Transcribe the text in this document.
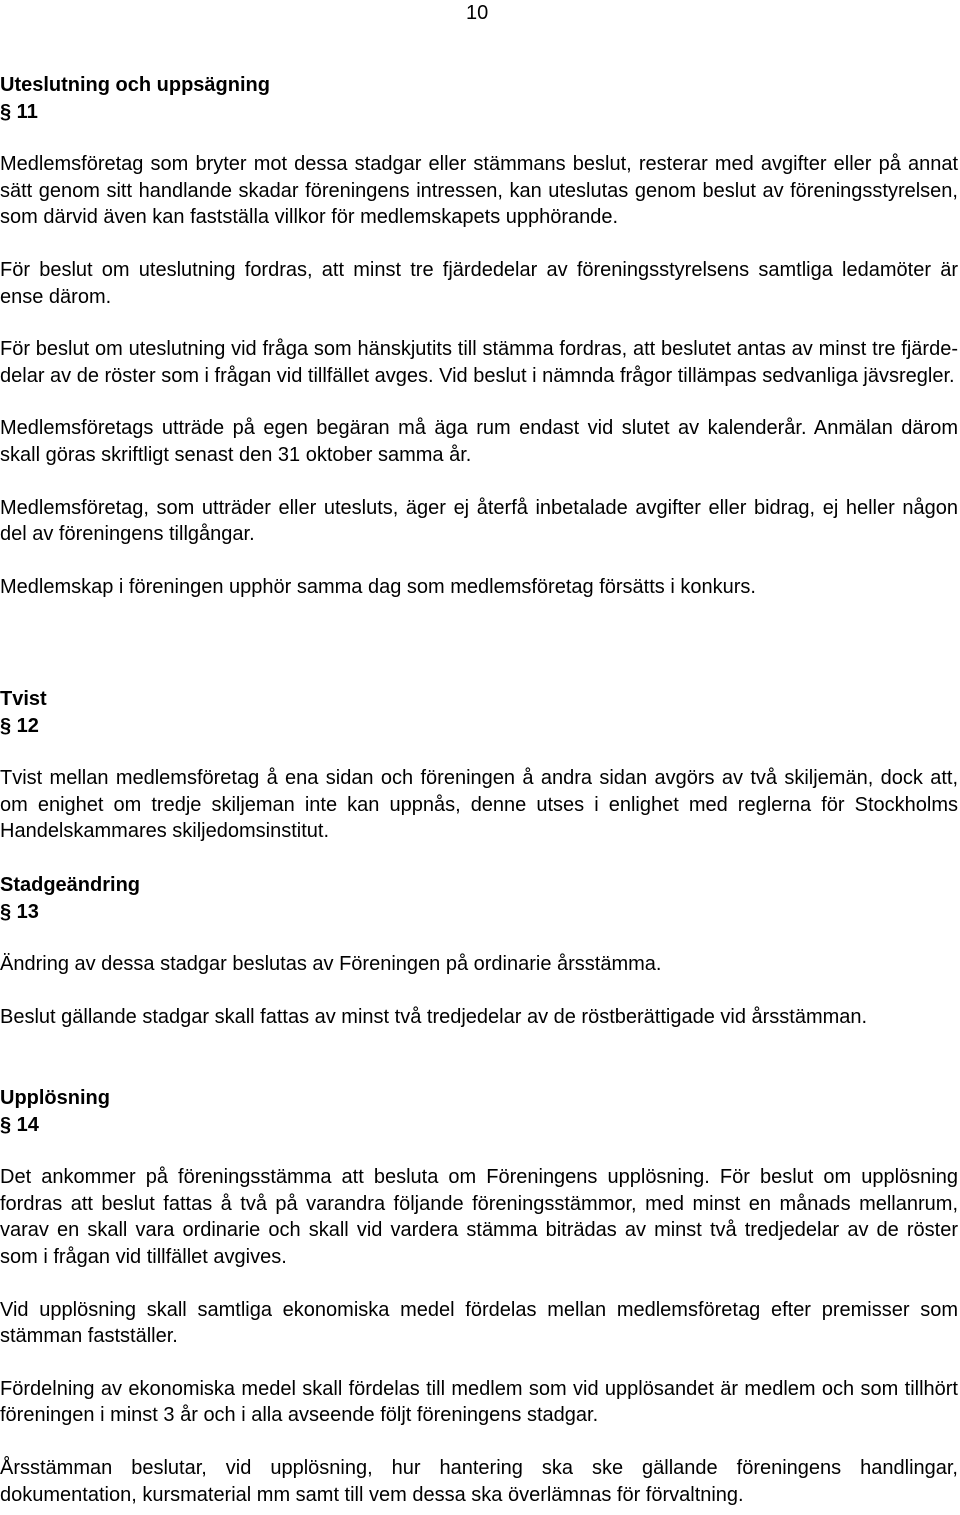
10
Uteslutning och uppsägning
§ 11
Medlemsföretag som bryter mot dessa stadgar eller stämmans beslut, resterar med avgifter eller på annat sätt genom sitt handlande skadar föreningens intressen, kan uteslutas genom beslut av föreningsstyrelsen, som därvid även kan fastställa villkor för medlemskapets upphörande.
För beslut om uteslutning fordras, att minst tre fjärdedelar av föreningsstyrelsens samtliga ledamöter är ense därom.
För beslut om uteslutning vid fråga som hänskjutits till stämma fordras, att beslutet antas av minst tre fjärde-delar av de röster som i frågan vid tillfället avges. Vid beslut i nämnda frågor tillämpas sedvanliga jävsregler.
Medlemsföretags utträde på egen begäran må äga rum endast vid slutet av kalenderår. Anmälan därom skall göras skriftligt senast den 31 oktober samma år.
Medlemsföretag, som utträder eller utesluts, äger ej återfå inbetalade avgifter eller bidrag, ej heller någon del av föreningens tillgångar.
Medlemskap i föreningen upphör samma dag som medlemsföretag försätts i konkurs.
Tvist
§ 12
Tvist mellan medlemsföretag å ena sidan och föreningen å andra sidan avgörs av två skiljemän, dock att, om enighet om tredje skiljeman inte kan uppnås, denne utses i enlighet med reglerna för Stockholms Handelskammares skiljedomsinstitut.
Stadgeändring
§ 13
Ändring av dessa stadgar beslutas av Föreningen på ordinarie årsstämma.
Beslut gällande stadgar skall fattas av minst två tredjedelar av de röstberättigade vid årsstämman.
Upplösning
§ 14
Det ankommer på föreningsstämma att besluta om Föreningens upplösning. För beslut om upplösning fordras att beslut fattas å två på varandra följande föreningsstämmor, med minst en månads mellanrum, varav en skall vara ordinarie och skall vid vardera stämma biträdas av minst två tredjedelar av de röster som i frågan vid tillfället avgives.
Vid upplösning skall samtliga ekonomiska medel fördelas mellan medlemsföretag efter premisser som stämman fastställer.
Fördelning av ekonomiska medel skall fördelas till medlem som vid upplösandet är medlem och som tillhört föreningen i minst 3 år och i alla avseende följt föreningens stadgar.
Årsstämman beslutar, vid upplösning, hur hantering ska ske gällande föreningens handlingar, dokumentation, kursmaterial mm samt till vem dessa ska överlämnas för förvaltning.
